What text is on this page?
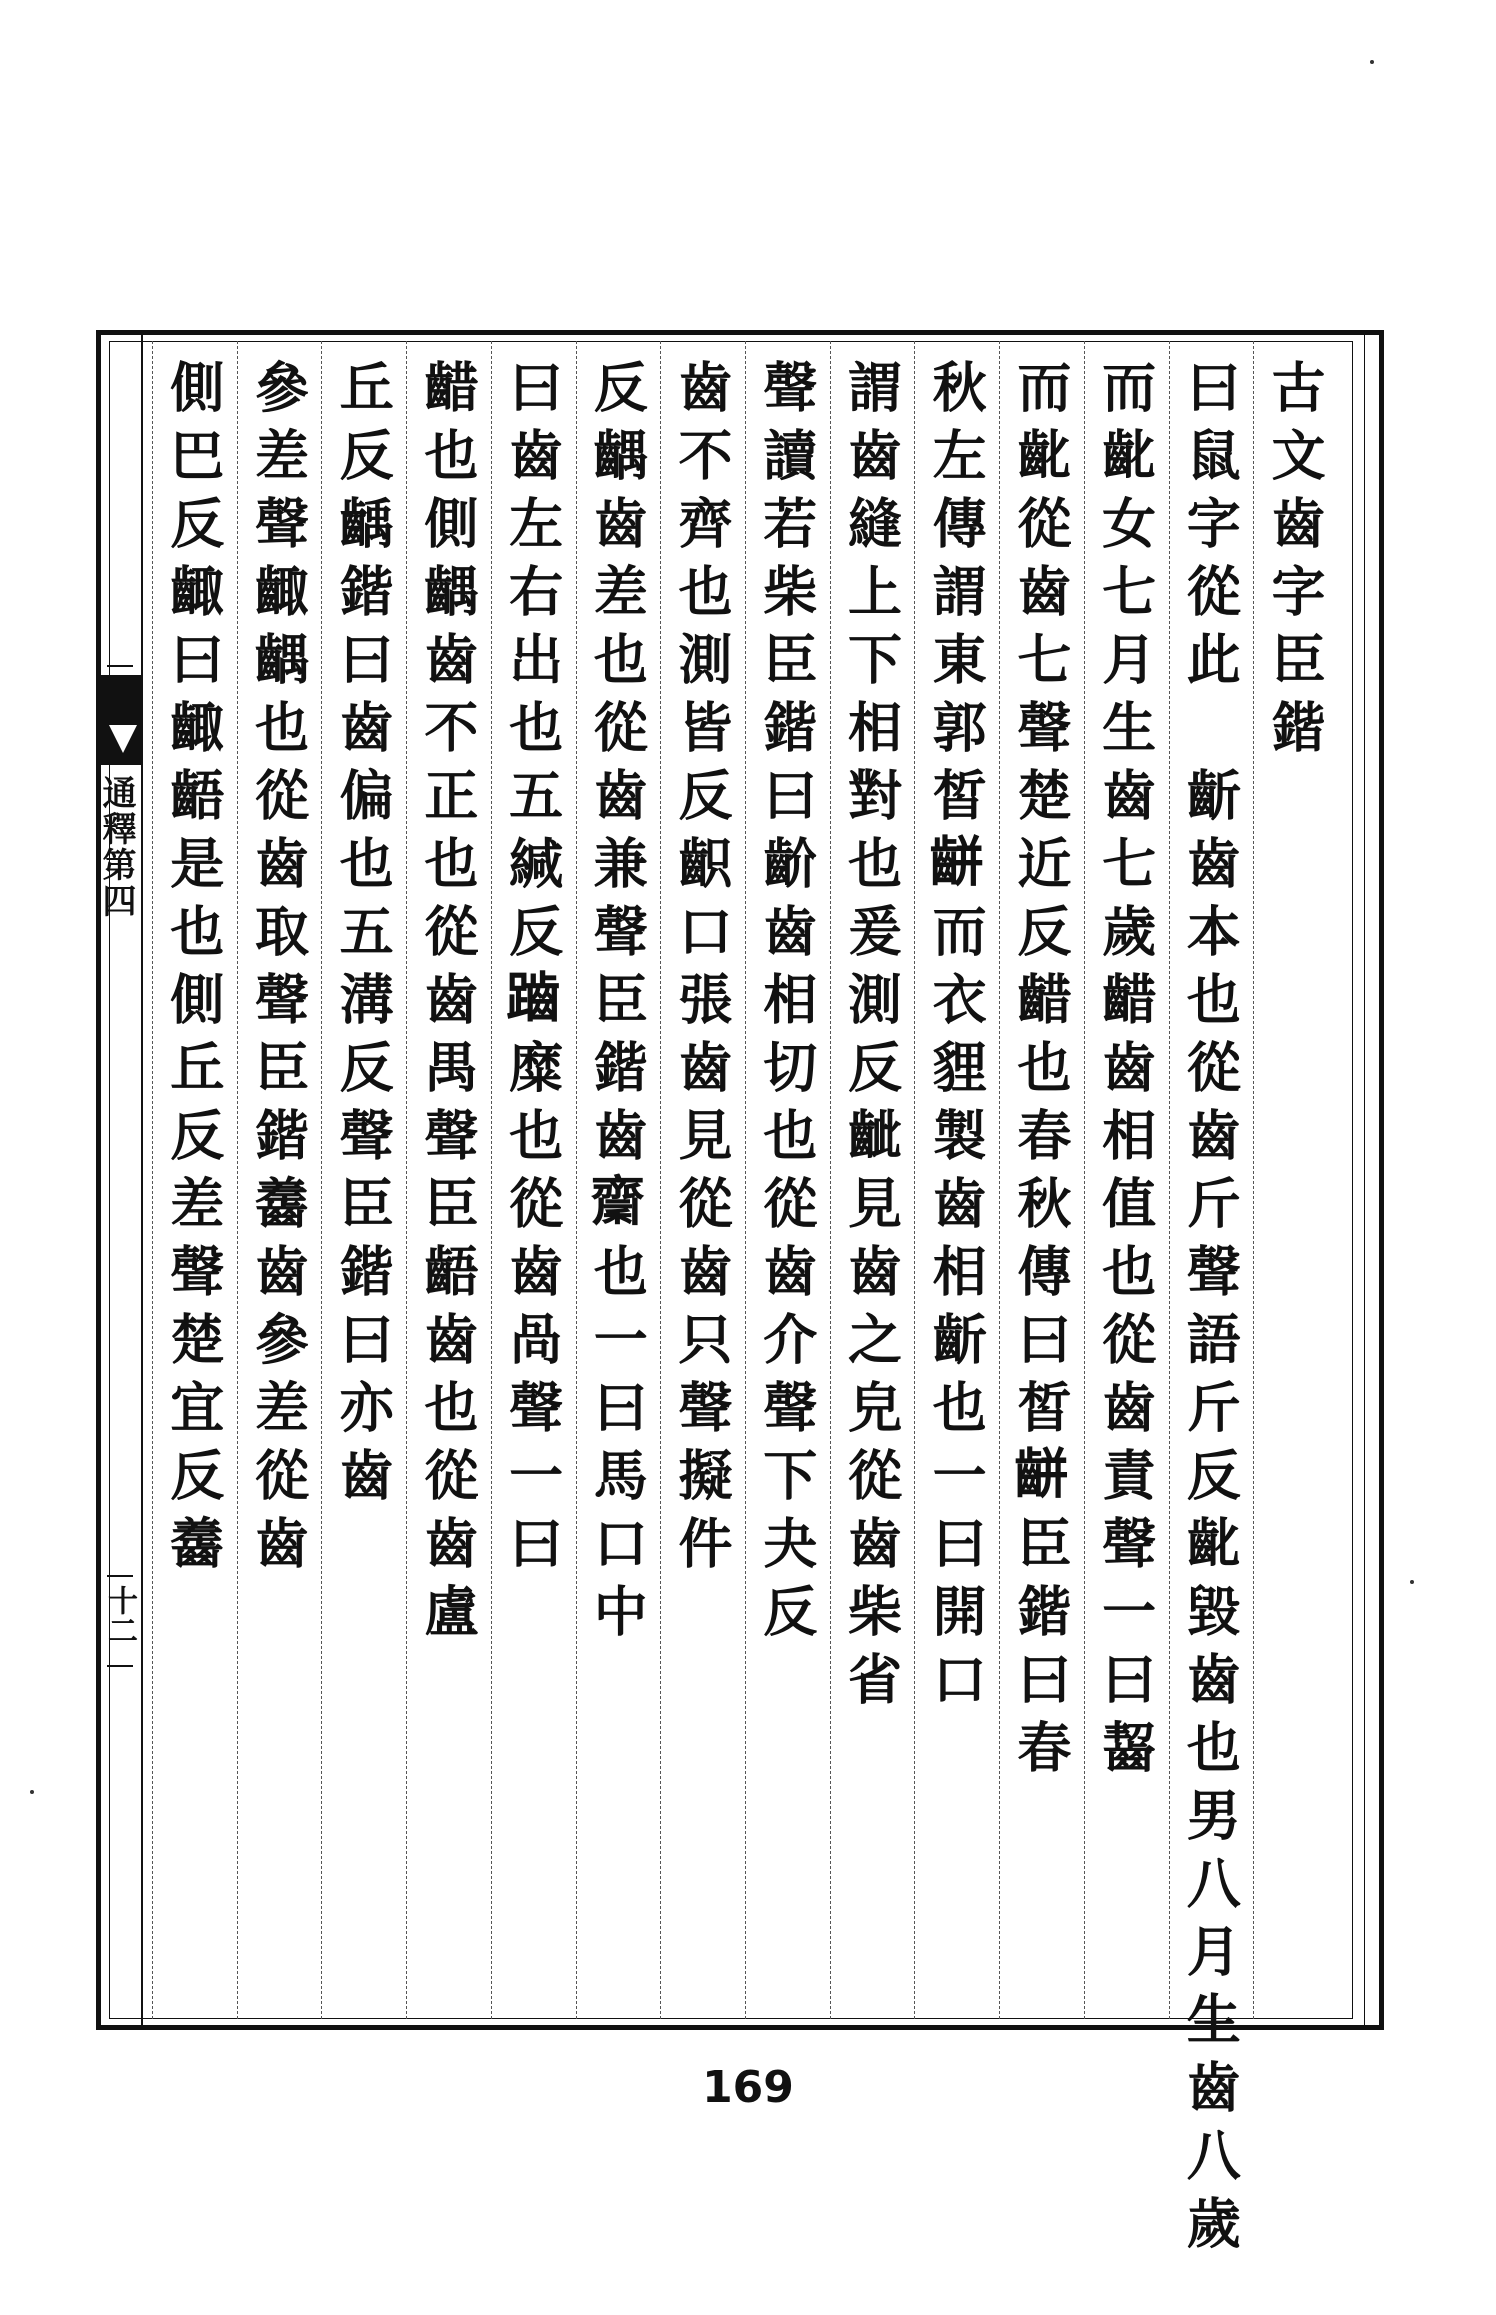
通釋第四
十二
古文齒字臣鍇
曰鼠字從此　齗齒本也從齒斤聲語斤反齔毀齒也男八月生齒八歲
而齔女七月生齒七歲齰齒相值也從齒責聲一曰齧
而齔從齒七聲楚近反齰也春秋傳曰皙𪘀臣鍇曰春
秋左傳謂東郭皙𪘀而衣貍製齒相齗也一曰開口
謂齒縫上下相對也爰測反齜見齒之皃從齒柴省
聲讀若柴臣鍇曰齘齒相切也從齒介聲下夬反
齒不齊也測皆反齞口張齒見從齒只聲擬件
反齵齒差也從齒兼聲臣鍇齒𪗉也一曰馬口中
曰齒左右出也五緘反𪘏糜也從齒咼聲一曰
齰也側齵齒不正也從齒禺聲臣齬齒也從齒盧
丘反齲鍇曰齒偏也五溝反聲臣鍇曰亦齒
參差聲齱齵也從齒取聲臣鍇齹齒參差從齒
側巴反齱曰齱齬是也側丘反差聲楚宜反齹
169
